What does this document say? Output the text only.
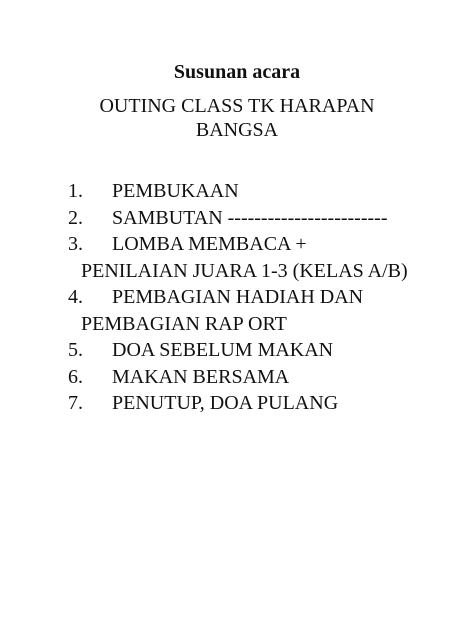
Susunan acara
OUTING CLASS TK HARAPAN
BANGSA
1. PEMBUKAAN
2. SAMBUTAN ------------------------
3. LOMBA MEMBACA +
PENILAIAN JUARA 1-3 (KELAS A/B)
4. PEMBAGIAN HADIAH DAN
PEMBAGIAN RAP ORT
5. DOA SEBELUM MAKAN
6. MAKAN BERSAMA
7. PENUTUP, DOA PULANG
